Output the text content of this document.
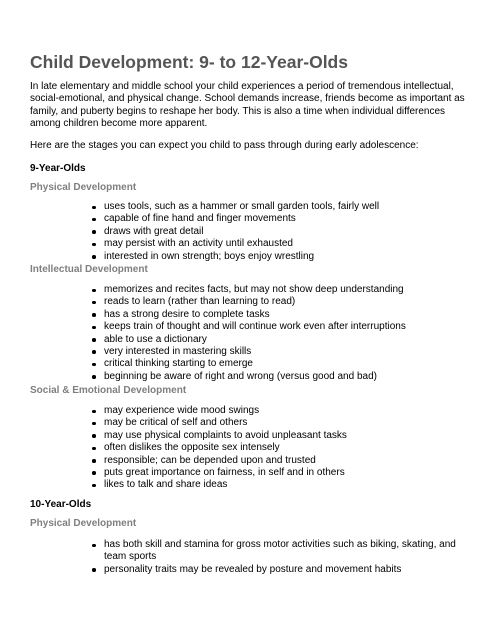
Child Development: 9- to 12-Year-Olds

In late elementary and middle school your child experiences a period of tremendous intellectual, social-emotional, and physical change. School demands increase, friends become as important as family, and puberty begins to reshape her body. This is also a time when individual differences among children become more apparent.

Here are the stages you can expect you child to pass through during early adolescence:

9-Year-Olds
Physical Development
uses tools, such as a hammer or small garden tools, fairly well
capable of fine hand and finger movements
draws with great detail
may persist with an activity until exhausted
interested in own strength; boys enjoy wrestling
Intellectual Development
memorizes and recites facts, but may not show deep understanding
reads to learn (rather than learning to read)
has a strong desire to complete tasks
keeps train of thought and will continue work even after interruptions
able to use a dictionary
very interested in mastering skills
critical thinking starting to emerge
beginning be aware of right and wrong (versus good and bad)
Social & Emotional Development
may experience wide mood swings
may be critical of self and others
may use physical complaints to avoid unpleasant tasks
often dislikes the opposite sex intensely
responsible; can be depended upon and trusted
puts great importance on fairness, in self and in others
likes to talk and share ideas
10-Year-Olds
Physical Development
has both skill and stamina for gross motor activities such as biking, skating, and team sports
personality traits may be revealed by posture and movement habits
